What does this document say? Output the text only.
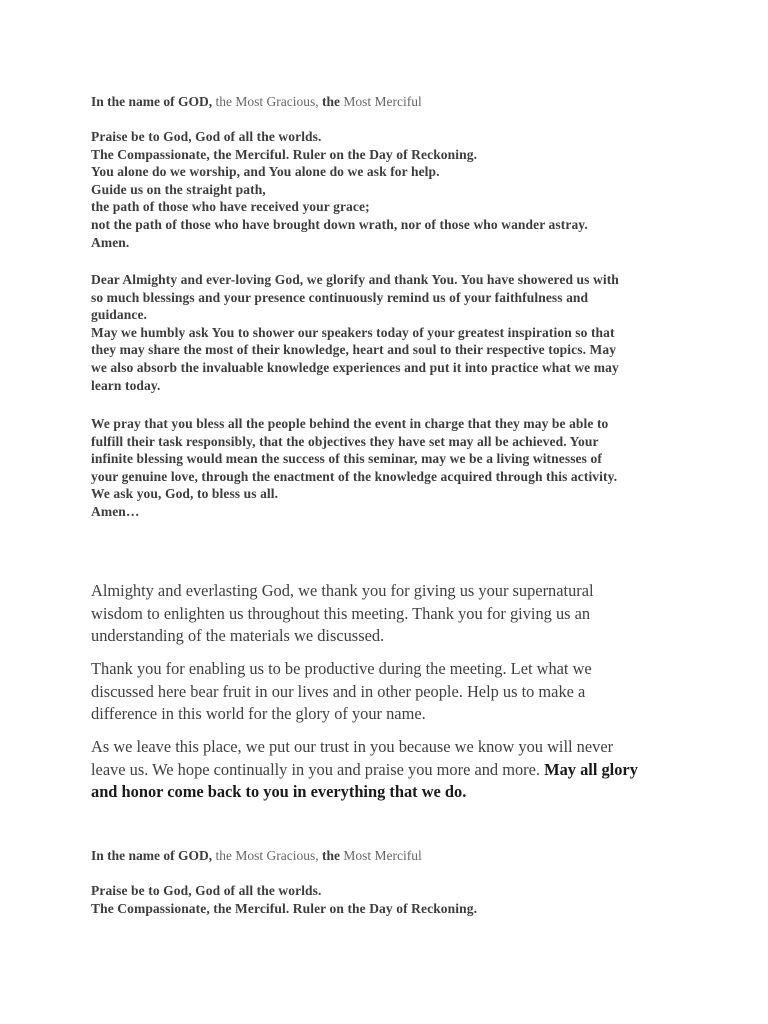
In the name of GOD, the Most Gracious, the Most Merciful
Praise be to God, God of all the worlds.
The Compassionate, the Merciful. Ruler on the Day of Reckoning.
You alone do we worship, and You alone do we ask for help.
Guide us on the straight path,
the path of those who have received your grace;
not the path of those who have brought down wrath, nor of those who wander astray.
Amen.
Dear Almighty and ever-loving God, we glorify and thank You. You have showered us with
so much blessings and your presence continuously remind us of your faithfulness and
guidance.
May we humbly ask You to shower our speakers today of your greatest inspiration so that
they may share the most of their knowledge, heart and soul to their respective topics. May
we also absorb the invaluable knowledge experiences and put it into practice what we may
learn today.
We pray that you bless all the people behind the event in charge that they may be able to
fulfill their task responsibly, that the objectives they have set may all be achieved. Your
infinite blessing would mean the success of this seminar, may we be a living witnesses of
your genuine love, through the enactment of the knowledge acquired through this activity.
We ask you, God, to bless us all.
Amen…
Almighty and everlasting God, we thank you for giving us your supernatural
wisdom to enlighten us throughout this meeting. Thank you for giving us an
understanding of the materials we discussed.
Thank you for enabling us to be productive during the meeting. Let what we
discussed here bear fruit in our lives and in other people. Help us to make a
difference in this world for the glory of your name.
As we leave this place, we put our trust in you because we know you will never
leave us. We hope continually in you and praise you more and more. May all glory
and honor come back to you in everything that we do.
In the name of GOD, the Most Gracious, the Most Merciful
Praise be to God, God of all the worlds.
The Compassionate, the Merciful. Ruler on the Day of Reckoning.
